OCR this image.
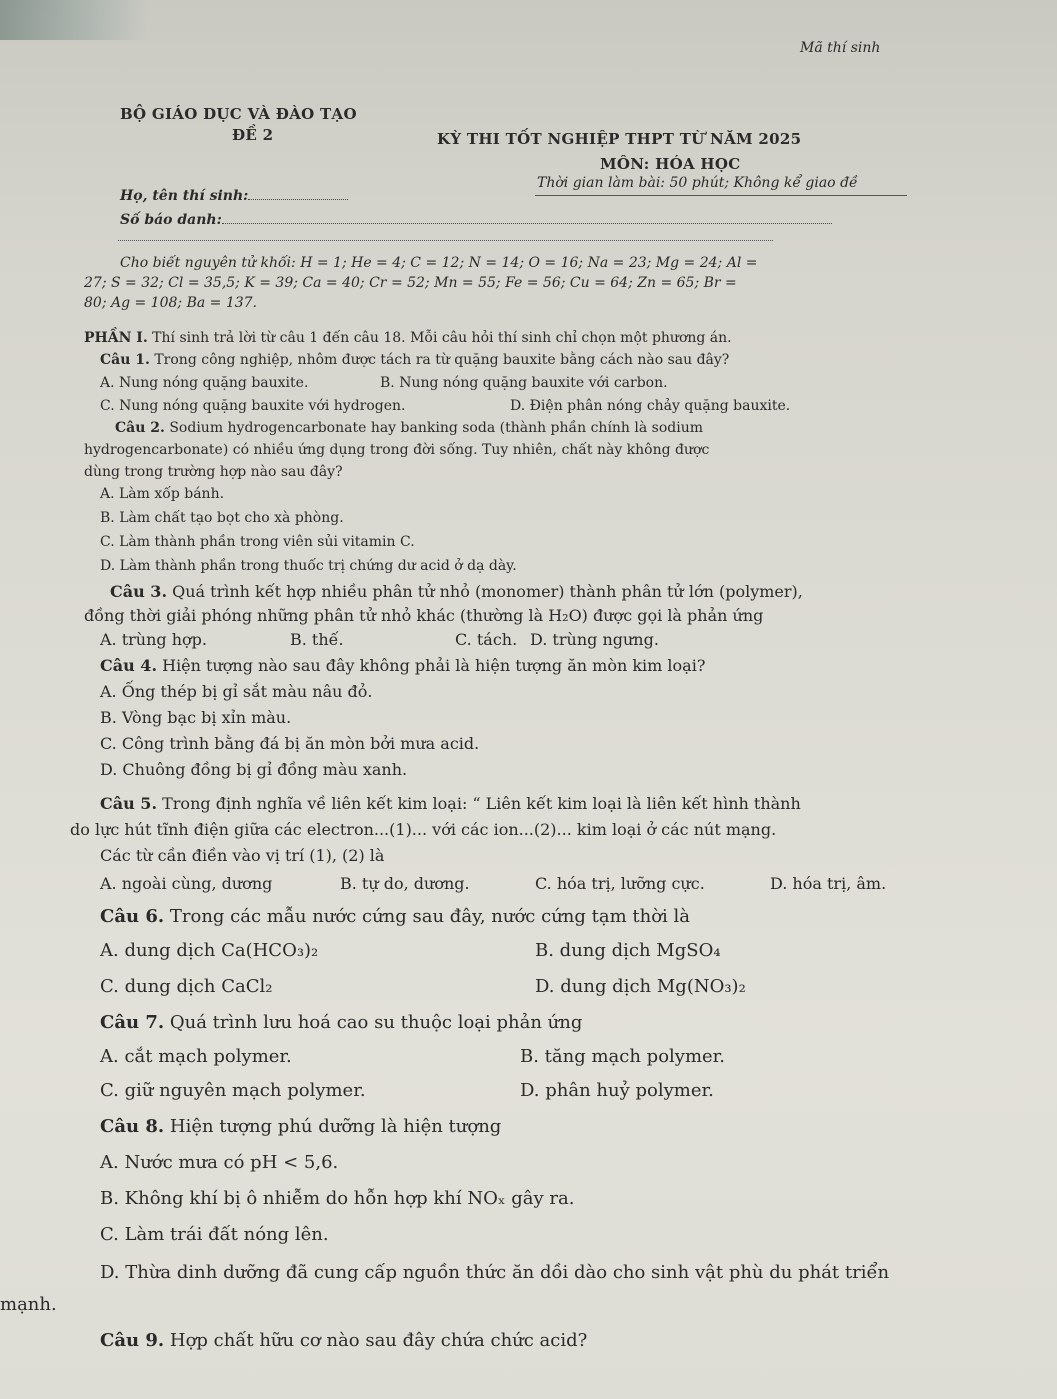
Mã thí sinh
BỘ GIÁO DỤC VÀ ĐÀO TẠO
ĐỀ 2	KỲ THI TỐT NGHIỆP THPT TỪ NĂM 2025
MÔN: HÓA HỌC
Thời gian làm bài: 50 phút; Không kể giao đề
Họ, tên thí sinh:
Số báo danh:
Cho biết nguyên tử khối: H = 1; He = 4; C = 12; N = 14; O = 16; Na = 23; Mg = 24; Al =
27; S = 32; Cl = 35,5; K = 39; Ca = 40; Cr = 52; Mn = 55; Fe = 56; Cu = 64; Zn = 65; Br =
80; Ag = 108; Ba = 137.
PHẦN I. Thí sinh trả lời từ câu 1 đến câu 18. Mỗi câu hỏi thí sinh chỉ chọn một phương án.
Câu 1. Trong công nghiệp, nhôm được tách ra từ quặng bauxite bằng cách nào sau đây?
A. Nung nóng quặng bauxite.	B. Nung nóng quặng bauxite với carbon.
C. Nung nóng quặng bauxite với hydrogen.	D. Điện phân nóng chảy quặng bauxite.
Câu 2. Sodium hydrogencarbonate hay banking soda (thành phần chính là sodium
hydrogencarbonate) có nhiều ứng dụng trong đời sống. Tuy nhiên, chất này không được
dùng trong trường hợp nào sau đây?
A. Làm xốp bánh.
B. Làm chất tạo bọt cho xà phòng.
C. Làm thành phần trong viên sủi vitamin C.
D. Làm thành phần trong thuốc trị chứng dư acid ở dạ dày.
Câu 3. Quá trình kết hợp nhiều phân tử nhỏ (monomer) thành phân tử lớn (polymer),
đồng thời giải phóng những phân tử nhỏ khác (thường là H₂O) được gọi là phản ứng
A. trùng hợp.	B. thế.	C. tách. D. trùng ngưng.
Câu 4. Hiện tượng nào sau đây không phải là hiện tượng ăn mòn kim loại?
A. Ống thép bị gỉ sắt màu nâu đỏ.
B. Vòng bạc bị xỉn màu.
C. Công trình bằng đá bị ăn mòn bởi mưa acid.
D. Chuông đồng bị gỉ đồng màu xanh.
Câu 5. Trong định nghĩa về liên kết kim loại: “ Liên kết kim loại là liên kết hình thành
do lực hút tĩnh điện giữa các electron...(1)... với các ion...(2)... kim loại ở các nút mạng.
Các từ cần điền vào vị trí (1), (2) là
A. ngoài cùng, dương	B. tự do, dương.	C. hóa trị, lưỡng cực.	D. hóa trị, âm.
Câu 6. Trong các mẫu nước cứng sau đây, nước cứng tạm thời là
A. dung dịch Ca(HCO₃)₂	B. dung dịch MgSO₄
C. dung dịch CaCl₂	D. dung dịch Mg(NO₃)₂
Câu 7. Quá trình lưu hoá cao su thuộc loại phản ứng
A. cắt mạch polymer.	B. tăng mạch polymer.
C. giữ nguyên mạch polymer.	D. phân huỷ polymer.
Câu 8. Hiện tượng phú dưỡng là hiện tượng
A. Nước mưa có pH < 5,6.
B. Không khí bị ô nhiễm do hỗn hợp khí NOₓ gây ra.
C. Làm trái đất nóng lên.
D. Thừa dinh dưỡng đã cung cấp nguồn thức ăn dồi dào cho sinh vật phù du phát triển
mạnh.
Câu 9. Hợp chất hữu cơ nào sau đây chứa chức acid?
